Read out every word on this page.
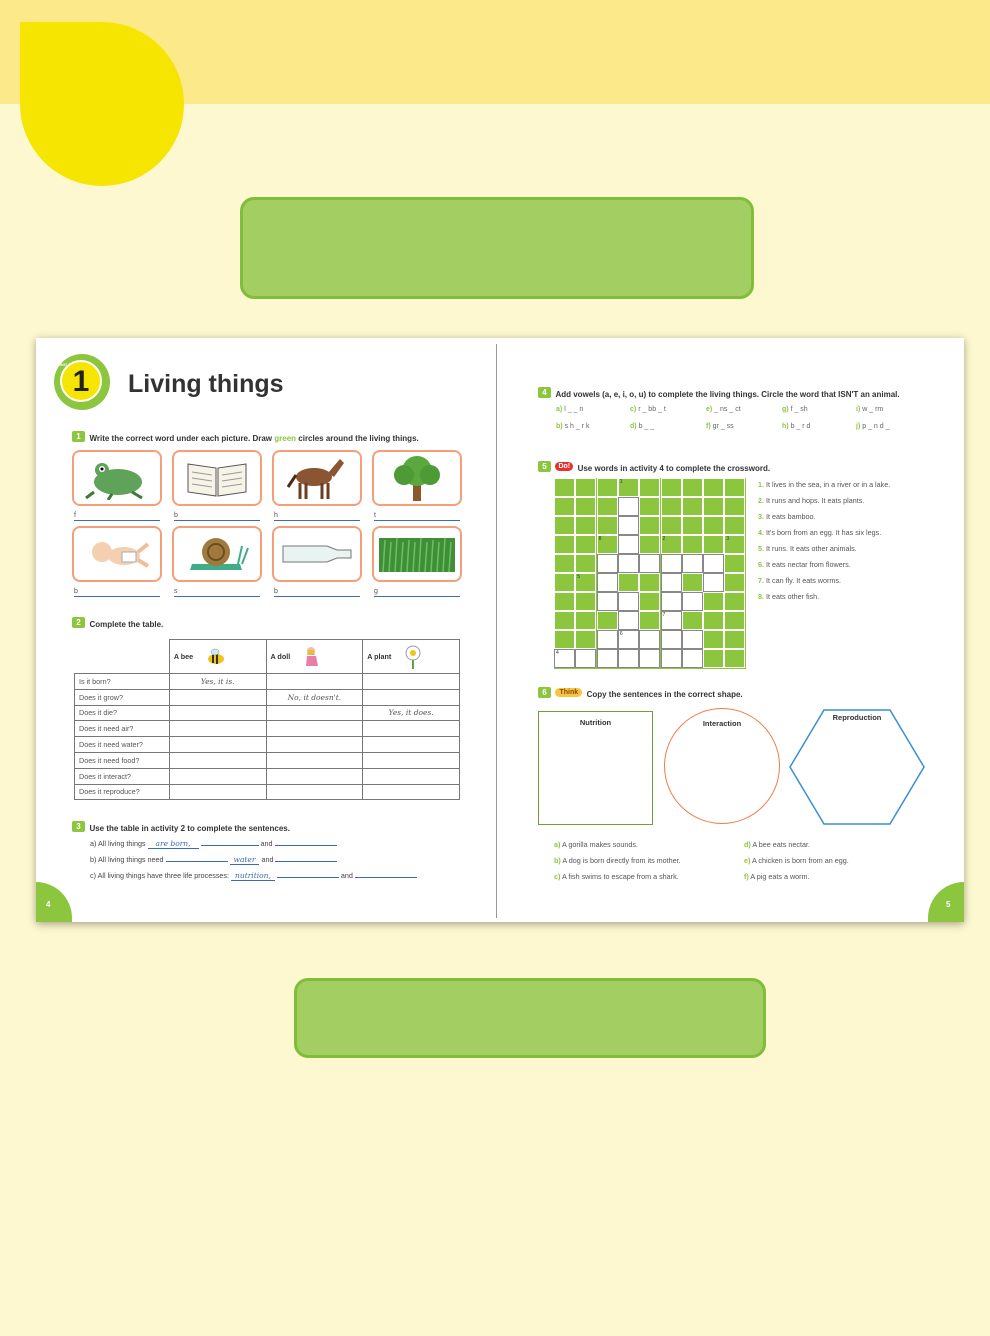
1
UNIT
Living things
1 Write the correct word under each picture. Draw green circles around the living things.
f	b	h	t
b	s	b	g
2 Complete the table.
	A bee	A doll	A plant
Is it born?	Yes, it is.		
Does it grow?		No, it doesn't.	
Does it die?			Yes, it does.
Does it need air?			
Does it need water?			
Does it need food?			
Does it interact?			
Does it reproduce?			
3 Use the table in activity 2 to complete the sentences.
a) All living things are born,	and
b) All living things need	water and
c) All living things have three life processes: nutrition,	and
4
4 Add vowels (a, e, i, o, u) to complete the living things. Circle the word that ISN'T an animal.
a) l _ _ n	c) r _ bb _ t	e) _ ns _ ct	g) f _ sh	i) w _ rm
b) s h _ r k	d) b _ _	f) gr _ ss	h) b _ r d	j) p _ n d _
5 Do! Use words in activity 4 to complete the crossword.
1
8	2	3
5
7
6
4
1. It lives in the sea, in a river or in a lake.
2. It runs and hops. It eats plants.
3. It eats bamboo.
4. It's born from an egg. It has six legs.
5. It runs. It eats other animals.
6. It eats nectar from flowers.
7. It can fly. It eats worms.
8. It eats other fish.
6 Think Copy the sentences in the correct shape.
Nutrition	Interaction
Reproduction
a) A gorilla makes sounds.
b) A dog is born directly from its mother.
c) A fish swims to escape from a shark.
d) A bee eats nectar.
e) A chicken is born from an egg.
f) A pig eats a worm.
5
